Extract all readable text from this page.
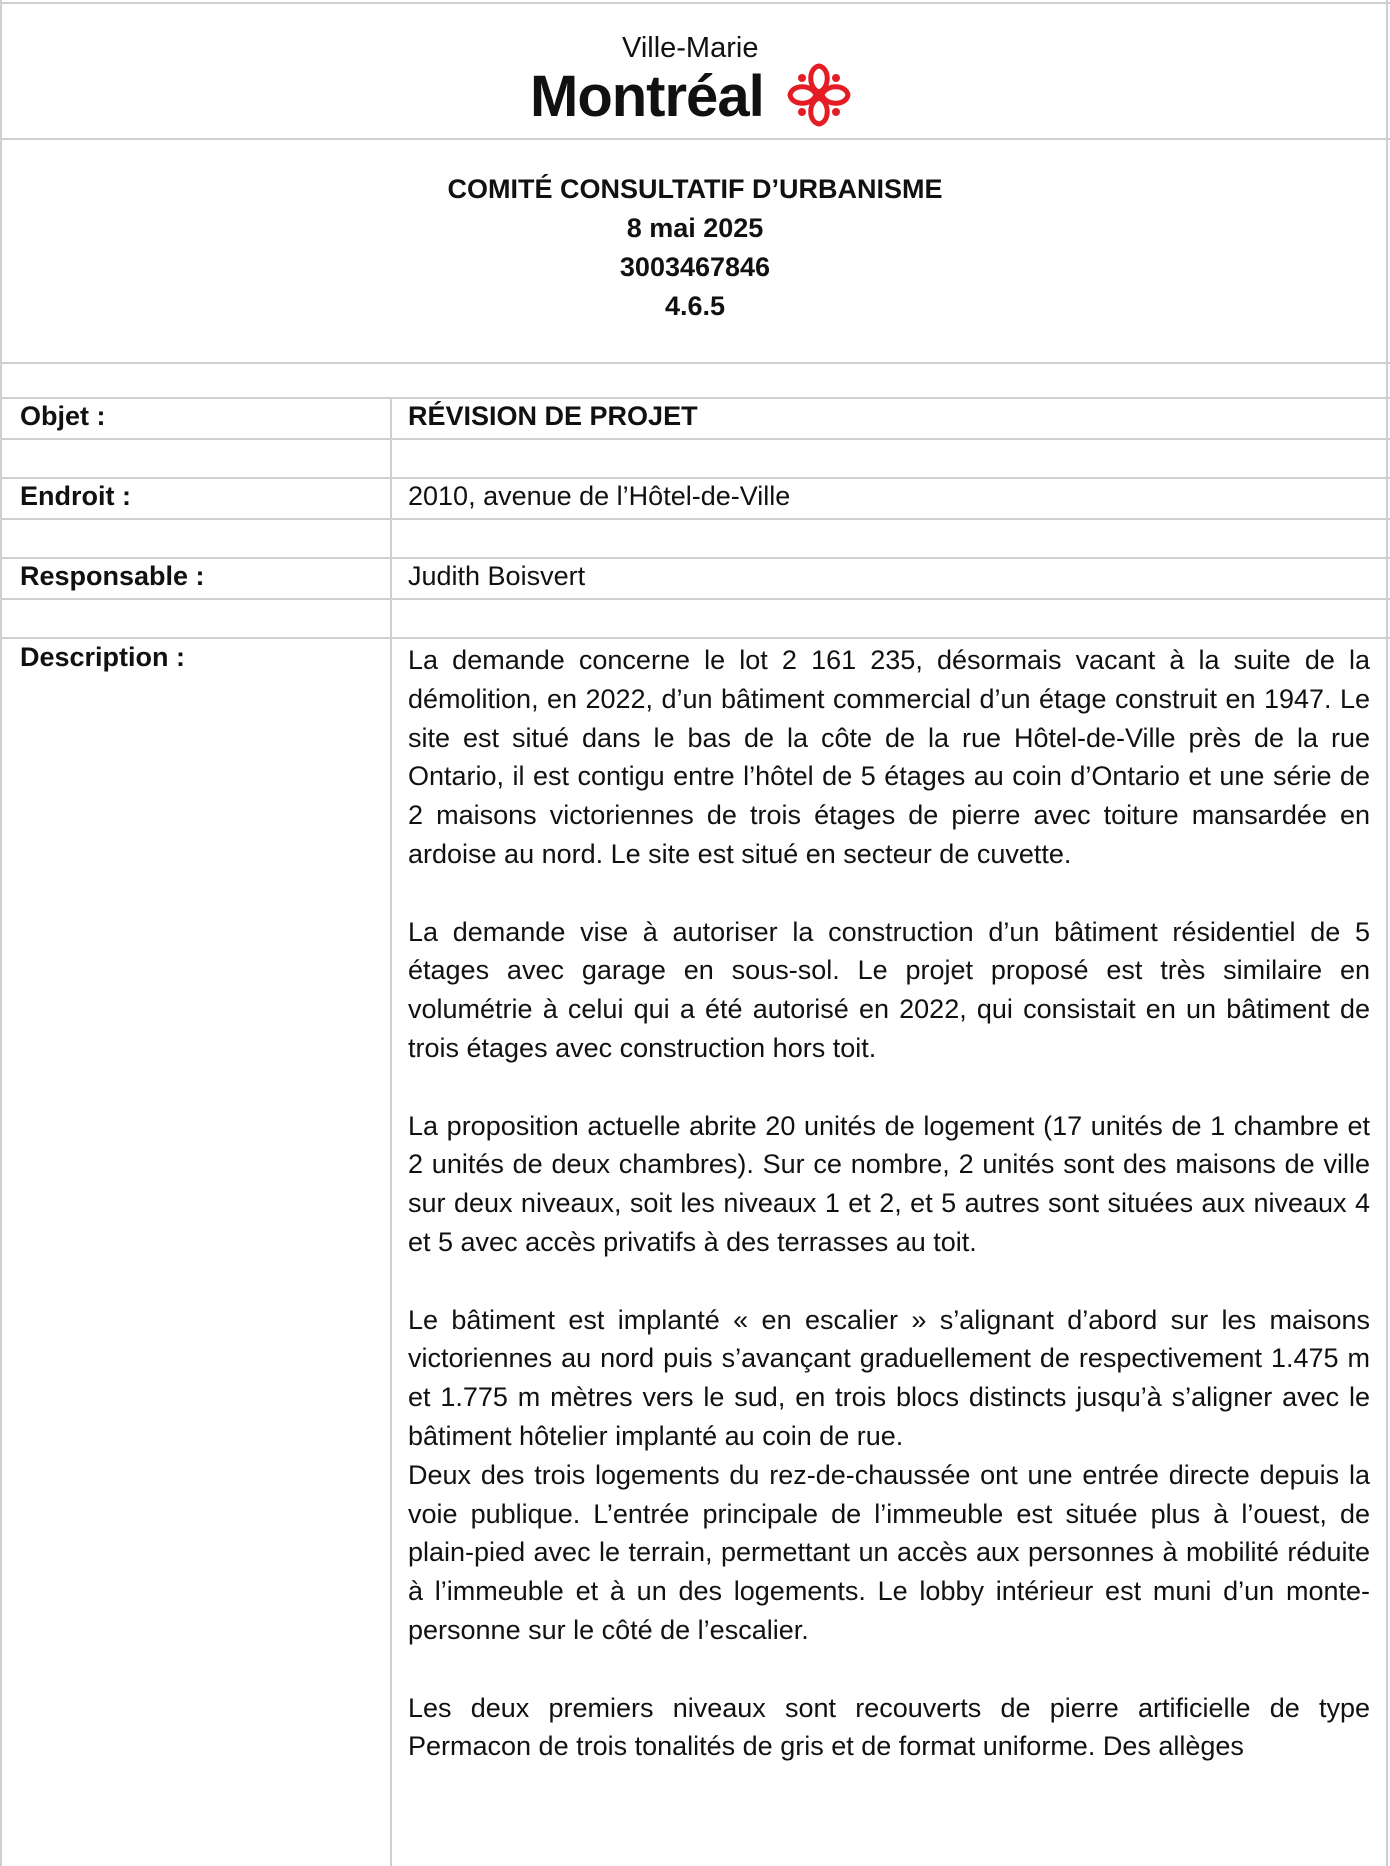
Ville-Marie
Montréal
COMITÉ CONSULTATIF D’URBANISME
8 mai 2025
3003467846
4.6.5
Objet :	RÉVISION DE PROJET
Endroit :	2010, avenue de l’Hôtel-de-Ville
Responsable :	Judith Boisvert
Description :	La demande concerne le lot 2 161 235, désormais vacant à la suite de la démolition, en 2022, d’un bâtiment commercial d’un étage construit en 1947. Le site est situé dans le bas de la côte de la rue Hôtel-de-Ville près de la rue Ontario, il est contigu entre l’hôtel de 5 étages au coin d’Ontario et une série de 2 maisons victoriennes de trois étages de pierre avec toiture mansardée en ardoise au nord. Le site est situé en secteur de cuvette.

La demande vise à autoriser la construction d’un bâtiment résidentiel de 5 étages avec garage en sous-sol. Le projet proposé est très similaire en volumétrie à celui qui a été autorisé en 2022, qui consistait en un bâtiment de trois étages avec construction hors toit.

La proposition actuelle abrite 20 unités de logement (17 unités de 1 chambre et 2 unités de deux chambres). Sur ce nombre, 2 unités sont des maisons de ville sur deux niveaux, soit les niveaux 1 et 2, et 5 autres sont situées aux niveaux 4 et 5 avec accès privatifs à des terrasses au toit.

Le bâtiment est implanté « en escalier » s’alignant d’abord sur les maisons victoriennes au nord puis s’avançant graduellement de respectivement 1.475 m et 1.775 m mètres vers le sud, en trois blocs distincts jusqu’à s’aligner avec le bâtiment hôtelier implanté au coin de rue.

Deux des trois logements du rez-de-chaussée ont une entrée directe depuis la voie publique. L’entrée principale de l’immeuble est située plus à l’ouest, de plain-pied avec le terrain, permettant un accès aux personnes à mobilité réduite à l’immeuble et à un des logements. Le lobby intérieur est muni d’un monte-personne sur le côté de l’escalier.

Les deux premiers niveaux sont recouverts de pierre artificielle de type Permacon de trois tonalités de gris et de format uniforme. Des allèges
